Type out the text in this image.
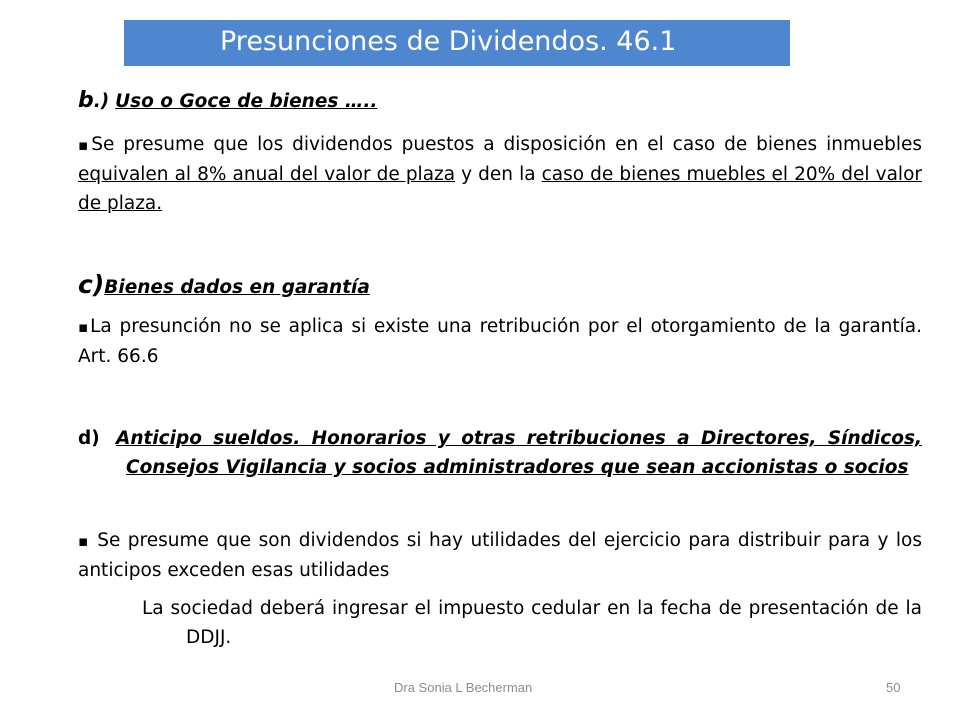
Presunciones de Dividendos. 46.1
b.) Uso o Goce de bienes …..
▪Se presume que los dividendos puestos a disposición en el caso de bienes inmuebles equivalen al 8% anual del valor de plaza y den la caso de bienes muebles el 20% del valor de plaza.
c)Bienes dados en garantía
▪La presunción no se aplica si existe una retribución por el otorgamiento de la garantía. Art. 66.6
d) Anticipo sueldos. Honorarios y otras retribuciones a Directores, Síndicos, Consejos Vigilancia y socios administradores que sean accionistas o socios
▪ Se presume que son dividendos si hay utilidades del ejercicio para distribuir para y los anticipos exceden esas utilidades
La sociedad deberá ingresar el impuesto cedular en la fecha de presentación de la DDJJ.
Dra Sonia L Becherman	50
